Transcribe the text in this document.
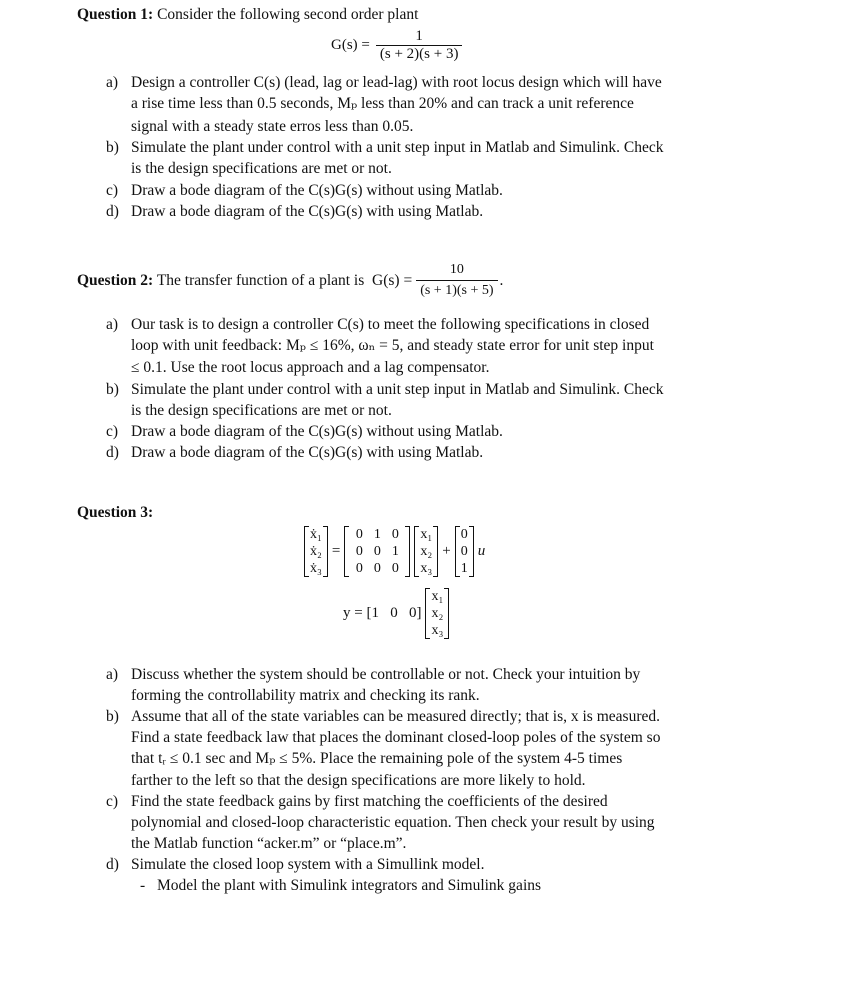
Question 1: Consider the following second order plant
$G(s) = \frac{1}{(s + 2)(s + 3)}$
a) Design a controller C(s) (lead, lag or lead-lag) with root locus design which will have
a rise time less than 0.5 seconds, Mₚ less than 20% and can track a unit reference
signal with a steady state erros less than 0.05.
b) Simulate the plant under control with a unit step input in Matlab and Simulink. Check
is the design specifications are met or not.
c) Draw a bode diagram of the C(s)G(s) without using Matlab.
d) Draw a bode diagram of the C(s)G(s) with using Matlab.
Question 2: The transfer function of a plant is  $G(s) = \frac{10}{(s + 1)(s + 5)}$ .
a) Our task is to design a controller C(s) to meet the following specifications in closed
loop with unit feedback: Mₚ ≤ 16%, ωₙ = 5, and steady state error for unit step input
≤ 0.1. Use the root locus approach and a lag compensator.
b) Simulate the plant under control with a unit step input in Matlab and Simulink. Check
is the design specifications are met or not.
c) Draw a bode diagram of the C(s)G(s) without using Matlab.
d) Draw a bode diagram of the C(s)G(s) with using Matlab.
Question 3:
ẋ₁
ẋ₂
ẋ₃
=
0 1 0
0 0 1
0 0 0
x₁
x₂
x₃
+
0
0
1
u
y = [1   0   0]
x₁
x₂
x₃
a) Discuss whether the system should be controllable or not. Check your intuition by
forming the controllability matrix and checking its rank.
b) Assume that all of the state variables can be measured directly; that is, x is measured.
Find a state feedback law that places the dominant closed-loop poles of the system so
that tᵣ ≤ 0.1 sec and Mₚ ≤ 5%. Place the remaining pole of the system 4-5 times
farther to the left so that the design specifications are more likely to hold.
c) Find the state feedback gains by first matching the coefficients of the desired
polynomial and closed-loop characteristic equation. Then check your result by using
the Matlab function “acker.m” or “place.m”.
d) Simulate the closed loop system with a Simullink model.
- Model the plant with Simulink integrators and Simulink gains
